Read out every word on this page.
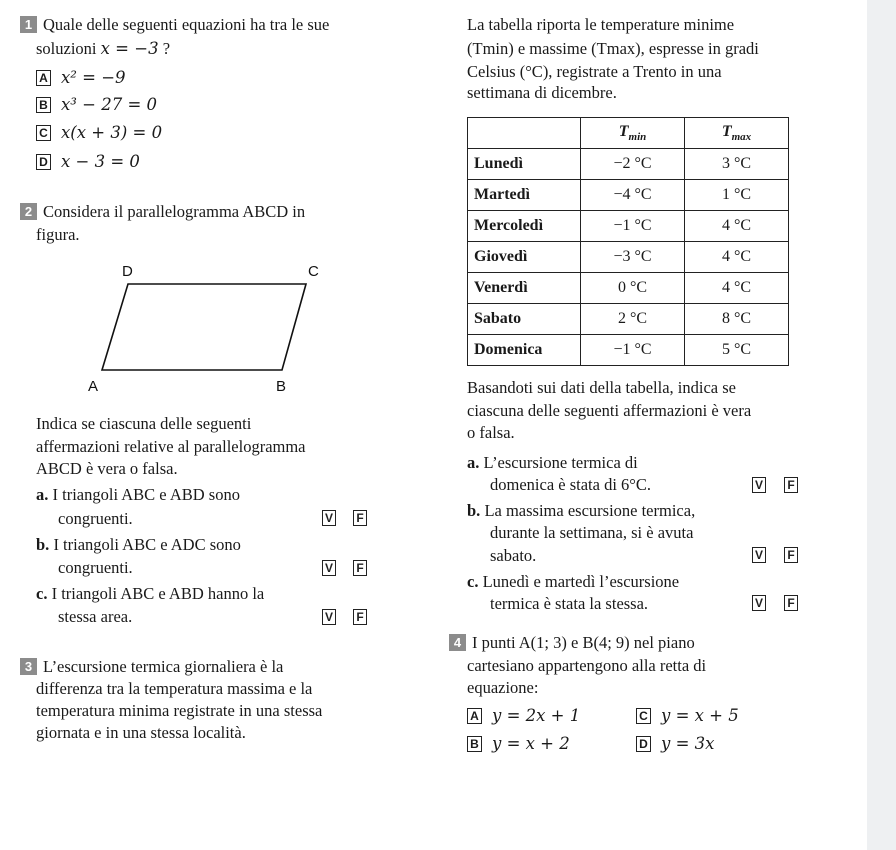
1 Quale delle seguenti equazioni ha tra le sue
soluzioni x = −3 ?
A x² = −9
B x³ − 27 = 0
C x(x + 3) = 0
D x − 3 = 0
2 Considera il parallelogramma ABCD in
figura.
D	C
A	B
Indica se ciascuna delle seguenti
affermazioni relative al parallelogramma
ABCD è vera o falsa.
a. I triangoli ABC e ABD sono
congruenti.	V F
b. I triangoli ABC e ADC sono
congruenti.	V F
c. I triangoli ABC e ABD hanno la
stessa area.	V F
3 L’escursione termica giornaliera è la
differenza tra la temperatura massima e la
temperatura minima registrate in una stessa
giornata e in una stessa località.
La tabella riporta le temperature minime
(Tmin) e massime (Tmax), espresse in gradi
Celsius (°C), registrate a Trento in una
settimana di dicembre.
	$T_{min}$	$T_{max}$
Lunedì	−2 °C	3 °C
Martedì	−4 °C	1 °C
Mercoledì	−1 °C	4 °C
Giovedì	−3 °C	4 °C
Venerdì	0 °C	4 °C
Sabato	2 °C	8 °C
Domenica	−1 °C	5 °C
Basandoti sui dati della tabella, indica se
ciascuna delle seguenti affermazioni è vera
o falsa.
a. L’escursione termica di
domenica è stata di 6°C.	V F
b. La massima escursione termica,
durante la settimana, si è avuta
sabato.	V F
c. Lunedì e martedì l’escursione
termica è stata la stessa.	V F
4 I punti A(1; 3) e B(4; 9) nel piano
cartesiano appartengono alla retta di
equazione:
A y = 2x + 1
B y = x + 2
C y = x + 5
D y = 3x
